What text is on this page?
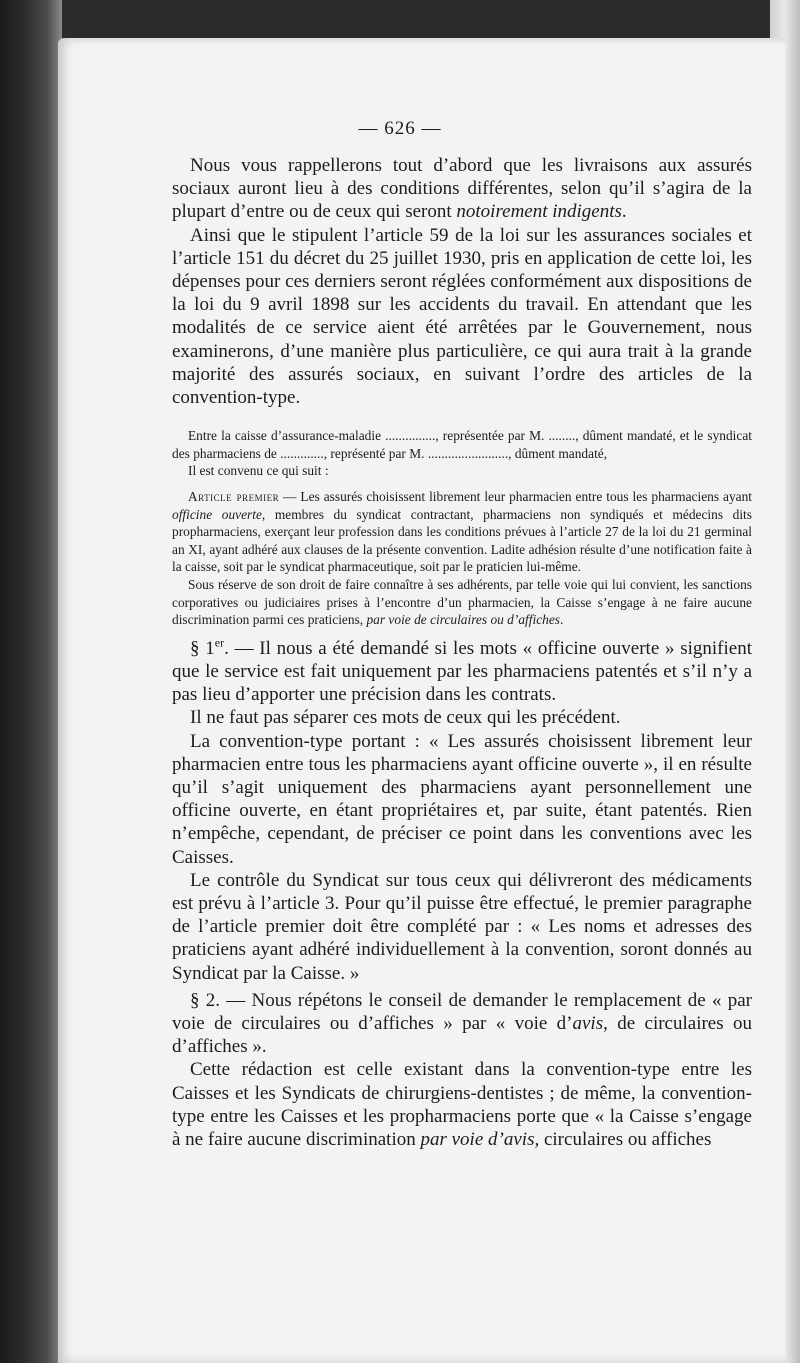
— 626 —

Nous vous rappellerons tout d’abord que les livraisons aux assurés sociaux auront lieu à des conditions différentes, selon qu’il s’agira de la plupart d’entre ou de ceux qui seront notoirement indigents.

Ainsi que le stipulent l’article 59 de la loi sur les assurances sociales et l’article 151 du décret du 25 juillet 1930, pris en application de cette loi, les dépenses pour ces derniers seront réglées conformément aux dispositions de la loi du 9 avril 1898 sur les accidents du travail. En attendant que les modalités de ce service aient été arrêtées par le Gouvernement, nous examinerons, d’une manière plus particulière, ce qui aura trait à la grande majorité des assurés sociaux, en suivant l’ordre des articles de la convention-type.

Entre la caisse d’assurance-maladie ..............., représentée par M. ........, dûment mandaté, et le syndicat des pharmaciens de ............., représenté par M. ........................, dûment mandaté,

Il est convenu ce qui suit :

Article premier — Les assurés choisissent librement leur pharmacien entre tous les pharmaciens ayant officine ouverte, membres du syndicat contractant, pharmaciens non syndiqués et médecins dits propharmaciens, exerçant leur profession dans les conditions prévues à l’article 27 de la loi du 21 germinal an XI, ayant adhéré aux clauses de la présente convention. Ladite adhésion résulte d’une notification faite à la caisse, soit par le syndicat pharmaceutique, soit par le praticien lui-même.

Sous réserve de son droit de faire connaître à ses adhérents, par telle voie qui lui convient, les sanctions corporatives ou judiciaires prises à l’encontre d’un pharmacien, la Caisse s’engage à ne faire aucune discrimination parmi ces praticiens, par voie de circulaires ou d’affiches.

§ 1er. — Il nous a été demandé si les mots « officine ouverte » signifient que le service est fait uniquement par les pharmaciens patentés et s’il n’y a pas lieu d’apporter une précision dans les contrats.

Il ne faut pas séparer ces mots de ceux qui les précédent.

La convention-type portant : « Les assurés choisissent librement leur pharmacien entre tous les pharmaciens ayant officine ouverte », il en résulte qu’il s’agit uniquement des pharmaciens ayant personnellement une officine ouverte, en étant propriétaires et, par suite, étant patentés. Rien n’empêche, cependant, de préciser ce point dans les conventions avec les Caisses.

Le contrôle du Syndicat sur tous ceux qui délivreront des médicaments est prévu à l’article 3. Pour qu’il puisse être effectué, le premier paragraphe de l’article premier doit être complété par : « Les noms et adresses des praticiens ayant adhéré individuellement à la convention, soront donnés au Syndicat par la Caisse. »

§ 2. — Nous répétons le conseil de demander le remplacement de « par voie de circulaires ou d’affiches » par « voie d’avis, de circulaires ou d’affiches ».

Cette rédaction est celle existant dans la convention-type entre les Caisses et les Syndicats de chirurgiens-dentistes ; de même, la convention-type entre les Caisses et les propharmaciens porte que « la Caisse s’engage à ne faire aucune discrimination par voie d’avis, circulaires ou affiches
